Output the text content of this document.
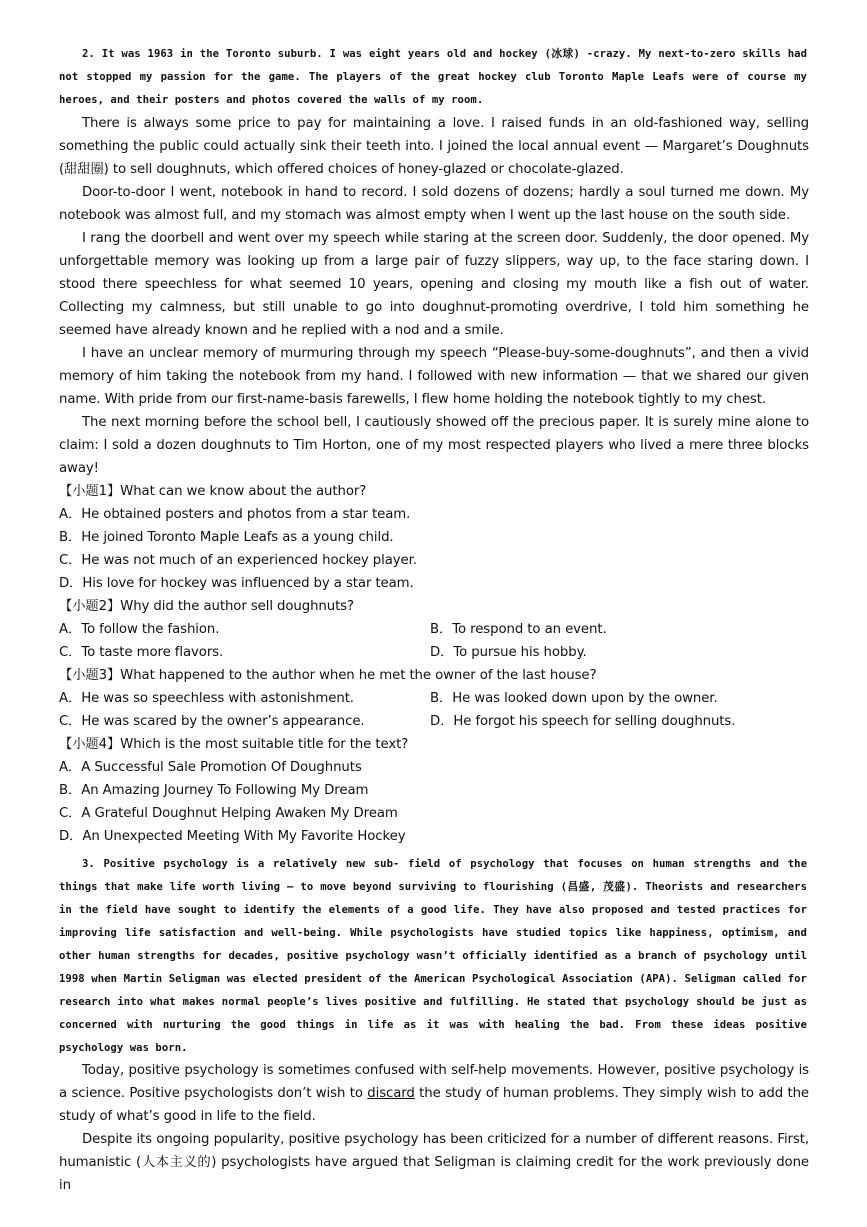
2. It was 1963 in the Toronto suburb. I was eight years old and hockey (冰球) -crazy. My next-to-zero skills had not stopped my passion for the game. The players of the great hockey club Toronto Maple Leafs were of course my heroes, and their posters and photos covered the walls of my room.

There is always some price to pay for maintaining a love. I raised funds in an old-fashioned way, selling something the public could actually sink their teeth into. I joined the local annual event — Margaret’s Doughnuts (甜甜圈) to sell doughnuts, which offered choices of honey-glazed or chocolate-glazed.

Door-to-door I went, notebook in hand to record. I sold dozens of dozens; hardly a soul turned me down. My notebook was almost full, and my stomach was almost empty when I went up the last house on the south side.

I rang the doorbell and went over my speech while staring at the screen door. Suddenly, the door opened. My unforgettable memory was looking up from a large pair of fuzzy slippers, way up, to the face staring down. I stood there speechless for what seemed 10 years, opening and closing my mouth like a fish out of water. Collecting my calmness, but still unable to go into doughnut-promoting overdrive, I told him something he seemed have already known and he replied with a nod and a smile.

I have an unclear memory of murmuring through my speech “Please-buy-some-doughnuts”, and then a vivid memory of him taking the notebook from my hand. I followed with new information — that we shared our given name. With pride from our first-name-basis farewells, I flew home holding the notebook tightly to my chest.

The next morning before the school bell, I cautiously showed off the precious paper. It is surely mine alone to claim: I sold a dozen doughnuts to Tim Horton, one of my most respected players who lived a mere three blocks away!

【小题1】What can we know about the author?

A．He obtained posters and photos from a star team.

B．He joined Toronto Maple Leafs as a young child.

C．He was not much of an experienced hockey player.

D．His love for hockey was influenced by a star team.

【小题2】Why did the author sell doughnuts?

A．To follow the fashion.	B．To respond to an event.
C．To taste more flavors.	D．To pursue his hobby.

【小题3】What happened to the author when he met the owner of the last house?

A．He was so speechless with astonishment.	B．He was looked down upon by the owner.
C．He was scared by the owner’s appearance.	D．He forgot his speech for selling doughnuts.

【小题4】Which is the most suitable title for the text?

A．A Successful Sale Promotion Of Doughnuts

B．An Amazing Journey To Following My Dream

C．A Grateful Doughnut Helping Awaken My Dream

D．An Unexpected Meeting With My Favorite Hockey

3. Positive psychology is a relatively new sub- field of psychology that focuses on human strengths and the things that make life worth living — to move beyond surviving to flourishing (昌盛, 茂盛). Theorists and researchers in the field have sought to identify the elements of a good life. They have also proposed and tested practices for improving life satisfaction and well-being. While psychologists have studied topics like happiness, optimism, and other human strengths for decades, positive psychology wasn’t officially identified as a branch of psychology until 1998 when Martin Seligman was elected president of the American Psychological Association (APA). Seligman called for research into what makes normal people’s lives positive and fulfilling. He stated that psychology should be just as concerned with nurturing the good things in life as it was with healing the bad. From these ideas positive psychology was born.

Today, positive psychology is sometimes confused with self-help movements. However, positive psychology is a science. Positive psychologists don’t wish to discard the study of human problems. They simply wish to add the study of what’s good in life to the field.

Despite its ongoing popularity, positive psychology has been criticized for a number of different reasons. First, humanistic (人本主义的) psychologists have argued that Seligman is claiming credit for the work previously done in
